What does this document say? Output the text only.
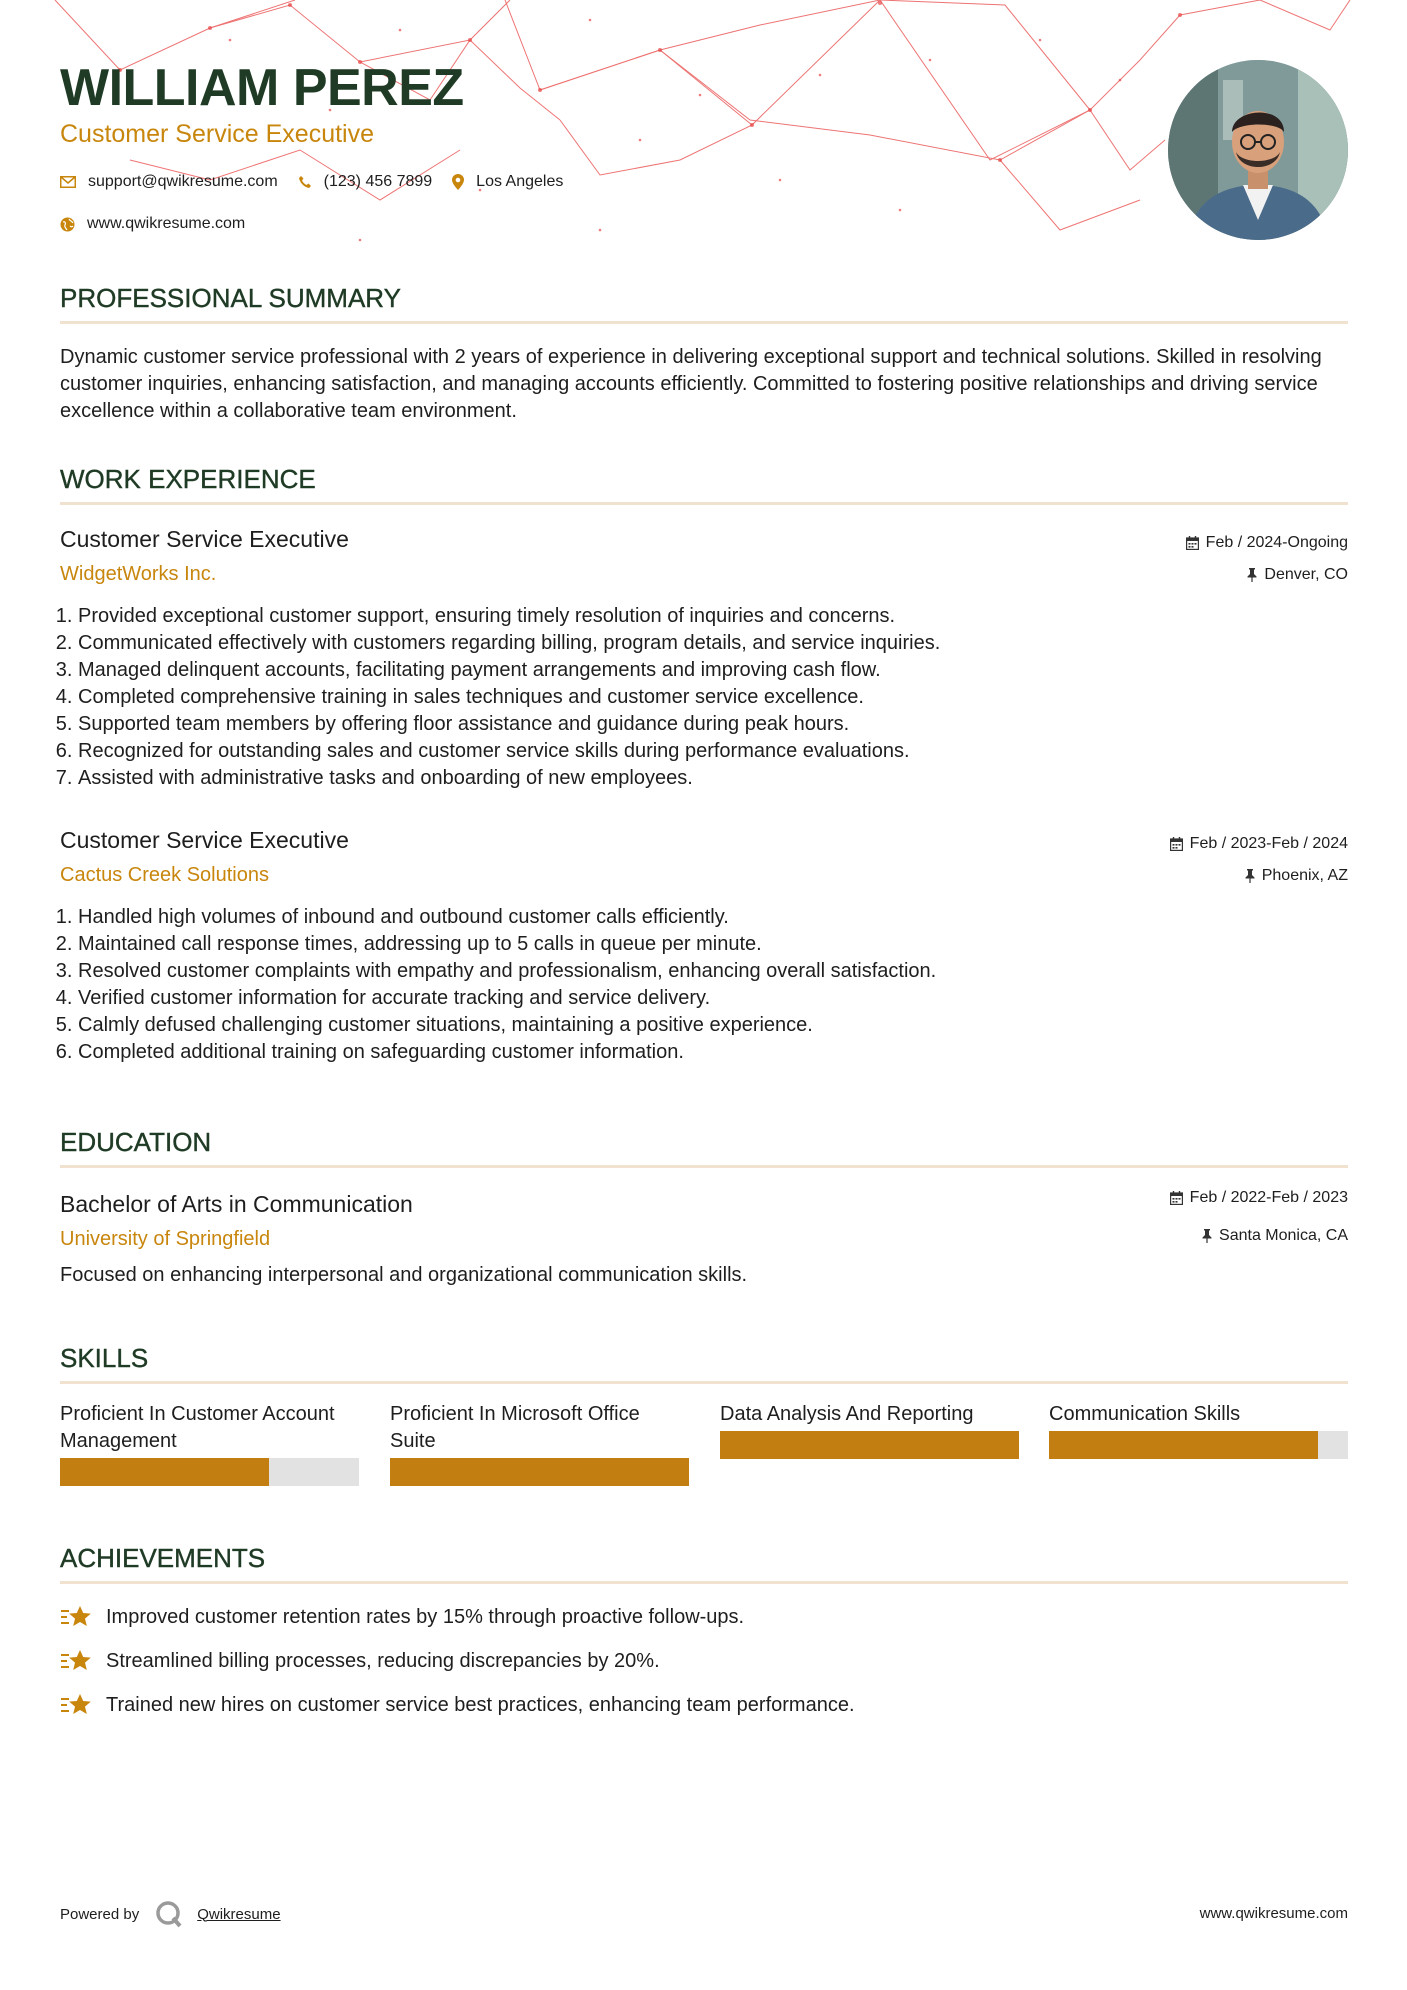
WILLIAM PEREZ
Customer Service Executive
support@qwikresume.com	(123) 456 7899	Los Angeles
www.qwikresume.com
PROFESSIONAL SUMMARY

Dynamic customer service professional with 2 years of experience in delivering exceptional support and technical solutions. Skilled in resolving customer inquiries, enhancing satisfaction, and managing accounts efficiently. Committed to fostering positive relationships and driving service excellence within a collaborative team environment.

WORK EXPERIENCE
Customer Service Executive	Feb / 2024-Ongoing
WidgetWorks Inc.	Denver, CO
1. Provided exceptional customer support, ensuring timely resolution of inquiries and concerns.
2. Communicated effectively with customers regarding billing, program details, and service inquiries.
3. Managed delinquent accounts, facilitating payment arrangements and improving cash flow.
4. Completed comprehensive training in sales techniques and customer service excellence.
5. Supported team members by offering floor assistance and guidance during peak hours.
6. Recognized for outstanding sales and customer service skills during performance evaluations.
7. Assisted with administrative tasks and onboarding of new employees.
Customer Service Executive	Feb / 2023-Feb / 2024
Cactus Creek Solutions	Phoenix, AZ
1. Handled high volumes of inbound and outbound customer calls efficiently.
2. Maintained call response times, addressing up to 5 calls in queue per minute.
3. Resolved customer complaints with empathy and professionalism, enhancing overall satisfaction.
4. Verified customer information for accurate tracking and service delivery.
5. Calmly defused challenging customer situations, maintaining a positive experience.
6. Completed additional training on safeguarding customer information.
EDUCATION
Bachelor of Arts in Communication	Feb / 2022-Feb / 2023
University of Springfield	Santa Monica, CA

Focused on enhancing interpersonal and organizational communication skills.

SKILLS
Proficient In Customer Account Management
Proficient In Microsoft Office Suite
Data Analysis And Reporting	Communication Skills
ACHIEVEMENTS
Improved customer retention rates by 15% through proactive follow-ups.
Streamlined billing processes, reducing discrepancies by 20%.
Trained new hires on customer service best practices, enhancing team performance.
Powered by	Qwikresume	www.qwikresume.com
